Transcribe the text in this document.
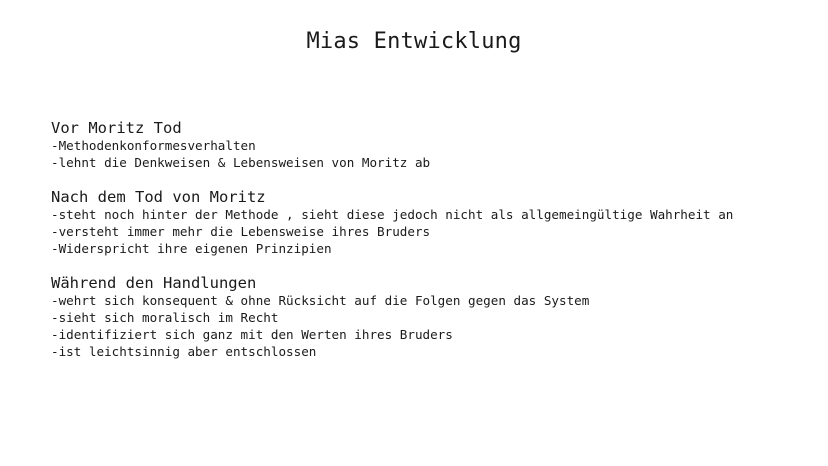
Mias Entwicklung
Vor Moritz Tod
-Methodenkonformesverhalten
-lehnt die Denkweisen & Lebensweisen von Moritz ab
Nach dem Tod von Moritz
-steht noch hinter der Methode , sieht diese jedoch nicht als allgemeingültige Wahrheit an
-versteht immer mehr die Lebensweise ihres Bruders
-Widerspricht ihre eigenen Prinzipien
Während den Handlungen
-wehrt sich konsequent & ohne Rücksicht auf die Folgen gegen das System
-sieht sich moralisch im Recht
-identifiziert sich ganz mit den Werten ihres Bruders
-ist leichtsinnig aber entschlossen
